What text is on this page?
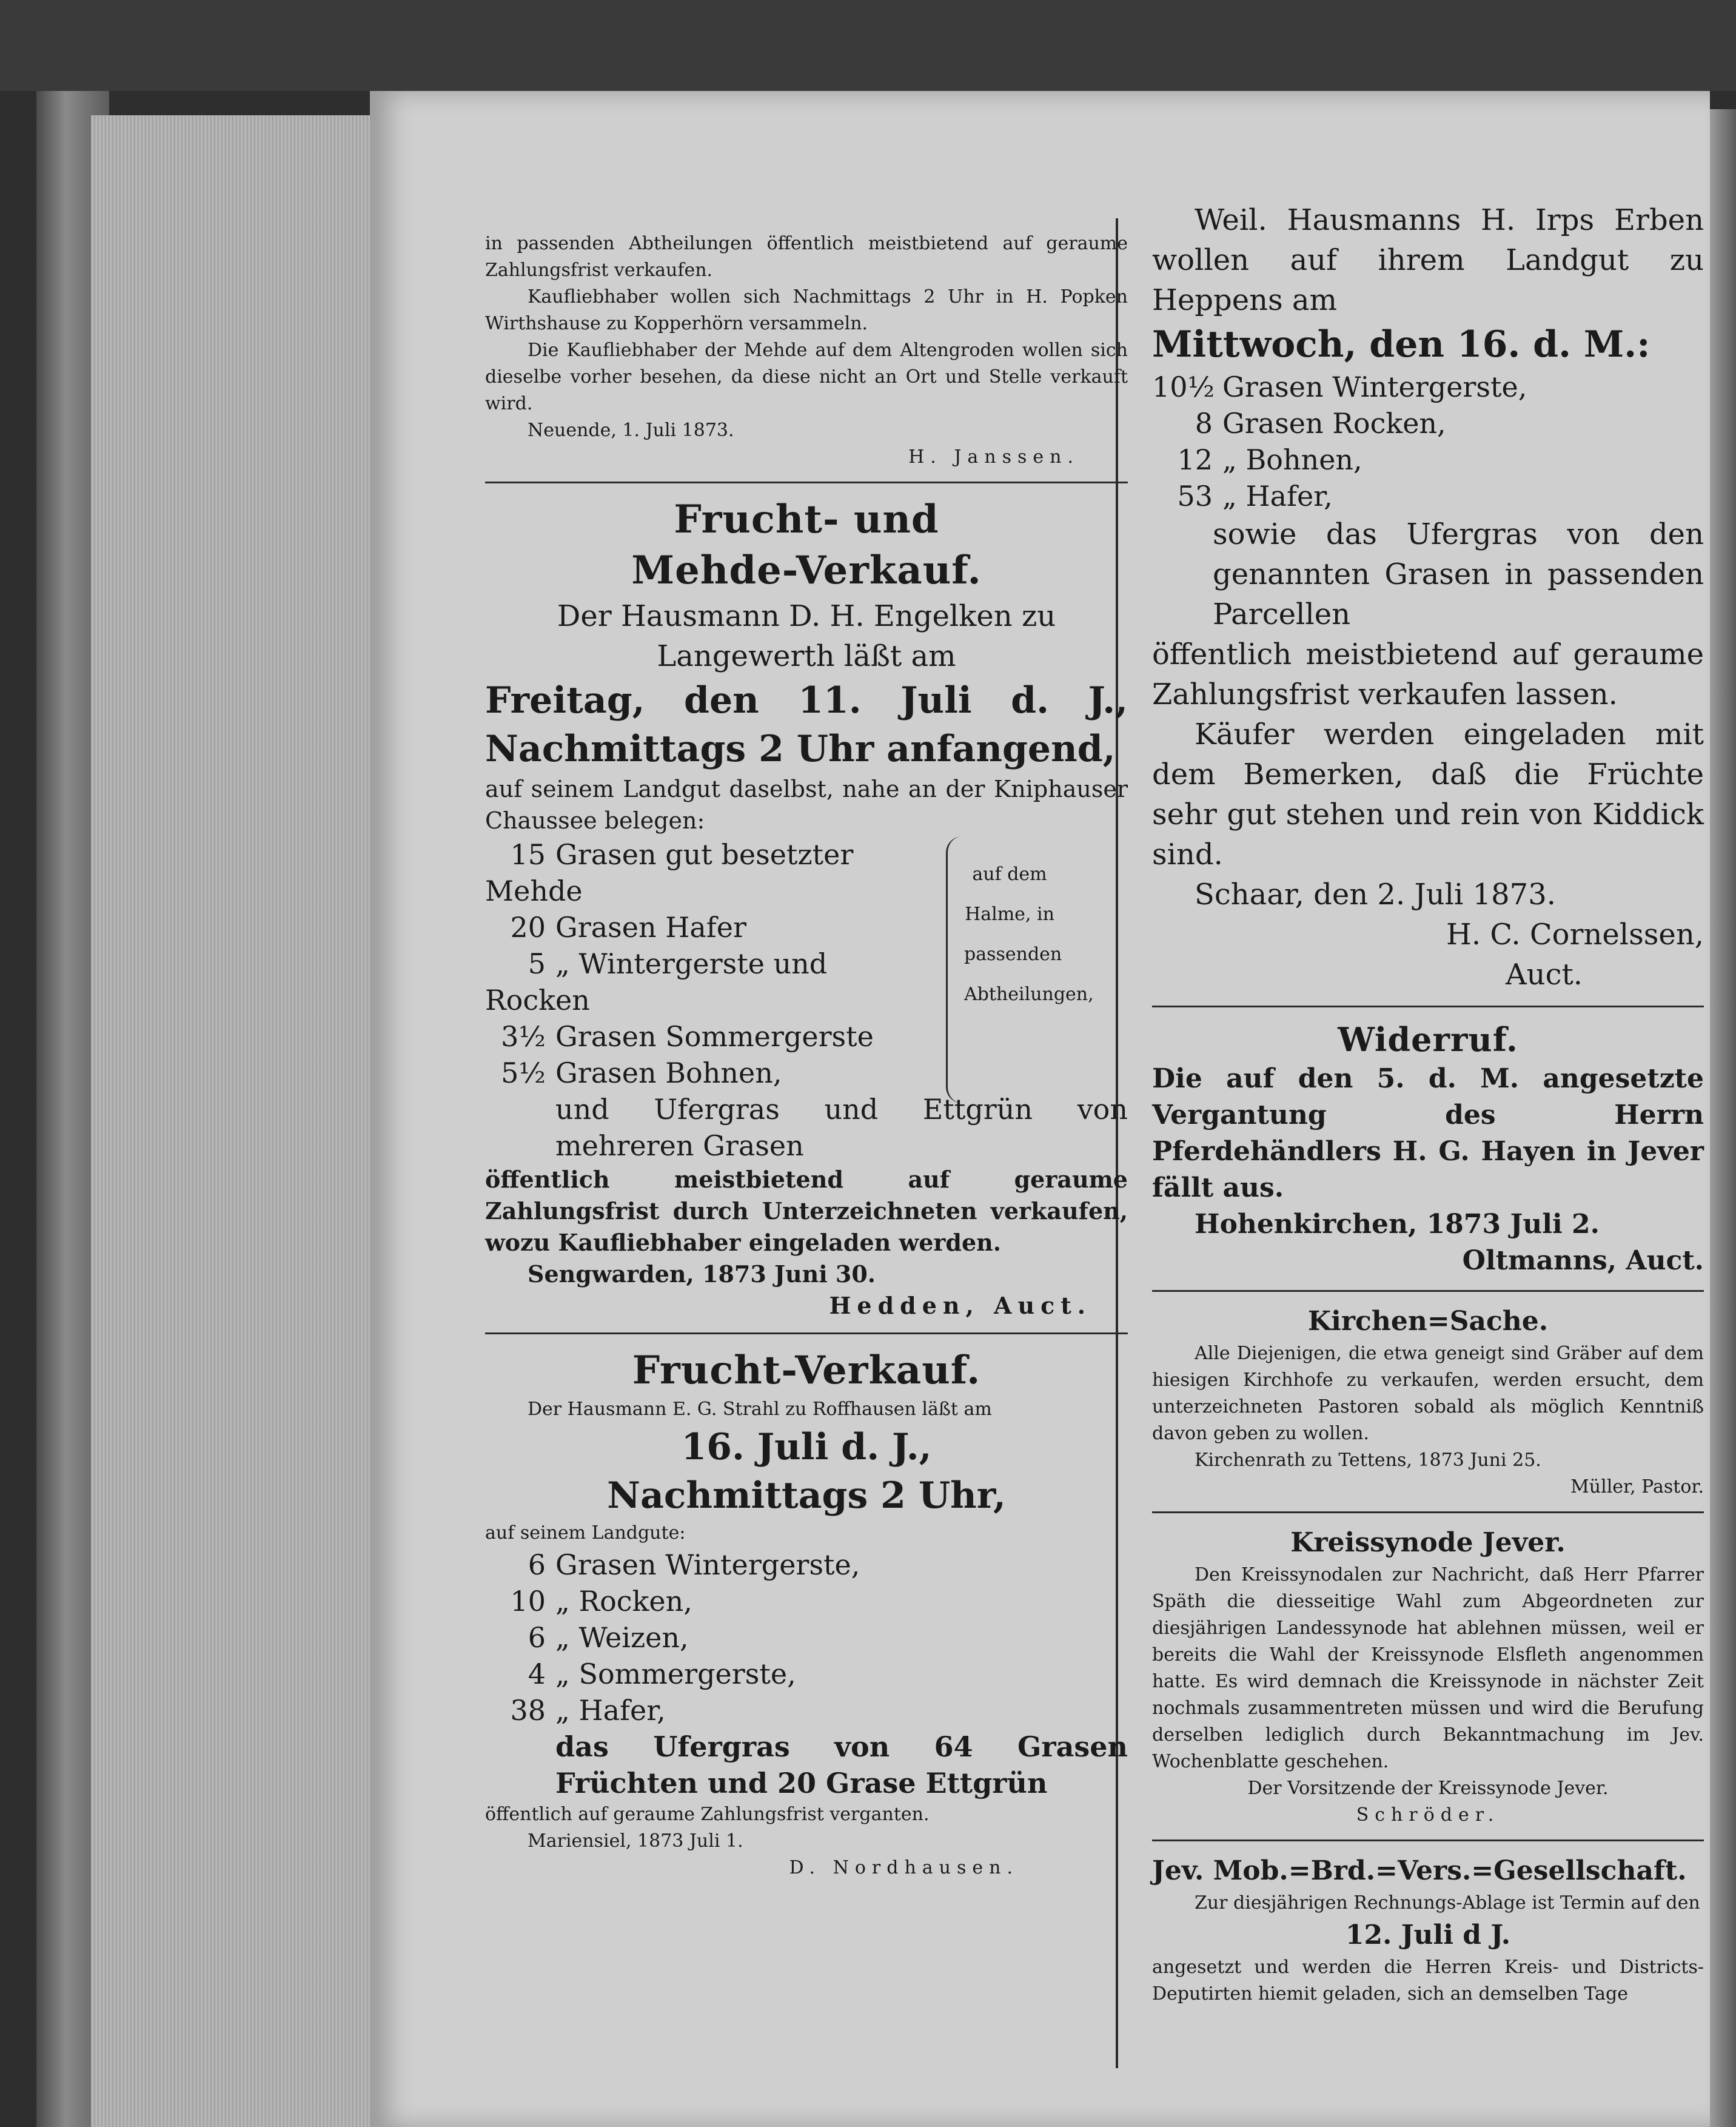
in passenden Abtheilungen öffentlich meistbietend auf geraume Zahlungsfrist verkaufen.

Kaufliebhaber wollen sich Nachmittags 2 Uhr in H. Popken Wirthshause zu Kopperhörn versammeln.

Die Kaufliebhaber der Mehde auf dem Altengroden wollen sich dieselbe vorher besehen, da diese nicht an Ort und Stelle verkauft wird.

Neuende, 1. Juli 1873.

H. Janssen.

Frucht- und
Mehde-Verkauf.

Der Hausmann D. H. Engelken zu Langewerth läßt am

Freitag, den 11. Juli d. J., Nachmittags 2 Uhr anfangend,

auf seinem Landgut daselbst, nahe an der Kniphauser Chaussee belegen:

15 Grasen gut besetzter Mehde
20 Grasen Hafer
5 „ Wintergerste und Rocken
3½ Grasen Sommergerste
5½ Grasen Bohnen,
auf dem Halme, in passenden Abtheilungen,

und Ufergras und Ettgrün von mehreren Grasen

öffentlich meistbietend auf geraume Zahlungsfrist durch Unterzeichneten verkaufen, wozu Kaufliebhaber eingeladen werden.

Sengwarden, 1873 Juni 30.

Hedden, Auct.

Frucht-Verkauf.

Der Hausmann E. G. Strahl zu Roffhausen läßt am

16. Juli d. J.,
Nachmittags 2 Uhr,

auf seinem Landgute:

6 Grasen Wintergerste,
10 „ Rocken,
6 „ Weizen,
4 „ Sommergerste,
38 „ Hafer,

das Ufergras von 64 Grasen Früchten und 20 Grase Ettgrün

öffentlich auf geraume Zahlungsfrist verganten.

Mariensiel, 1873 Juli 1.

D. Nordhausen.

Weil. Hausmanns H. Irps Erben wollen auf ihrem Landgut zu Heppens am

Mittwoch, den 16. d. M.:

10½ Grasen Wintergerste,
8 Grasen Rocken,
12 „ Bohnen,
53 „ Hafer,

sowie das Ufergras von den genannten Grasen in passenden Parcellen

öffentlich meistbietend auf geraume Zahlungsfrist verkaufen lassen.

Käufer werden eingeladen mit dem Bemerken, daß die Früchte sehr gut stehen und rein von Kiddick sind.

Schaar, den 2. Juli 1873.

H. C. Cornelssen,

Auct.

Widerruf.

Die auf den 5. d. M. angesetzte Vergantung des Herrn Pferdehändlers H. G. Hayen in Jever fällt aus.

Hohenkirchen, 1873 Juli 2.

Oltmanns, Auct.

Kirchen=Sache.

Alle Diejenigen, die etwa geneigt sind Gräber auf dem hiesigen Kirchhofe zu verkaufen, werden ersucht, dem unterzeichneten Pastoren sobald als möglich Kenntniß davon geben zu wollen.

Kirchenrath zu Tettens, 1873 Juni 25.

Müller, Pastor.

Kreissynode Jever.

Den Kreissynodalen zur Nachricht, daß Herr Pfarrer Späth die diesseitige Wahl zum Abgeordneten zur diesjährigen Landessynode hat ablehnen müssen, weil er bereits die Wahl der Kreissynode Elsfleth angenommen hatte. Es wird demnach die Kreissynode in nächster Zeit nochmals zusammentreten müssen und wird die Berufung derselben lediglich durch Bekanntmachung im Jev. Wochenblatte geschehen.

Der Vorsitzende der Kreissynode Jever.

Schröder.

Jev. Mob.=Brd.=Vers.=Gesellschaft.

Zur diesjährigen Rechnungs-Ablage ist Termin auf den

12. Juli d J.

angesetzt und werden die Herren Kreis- und Districts-Deputirten hiemit geladen, sich an demselben Tage
